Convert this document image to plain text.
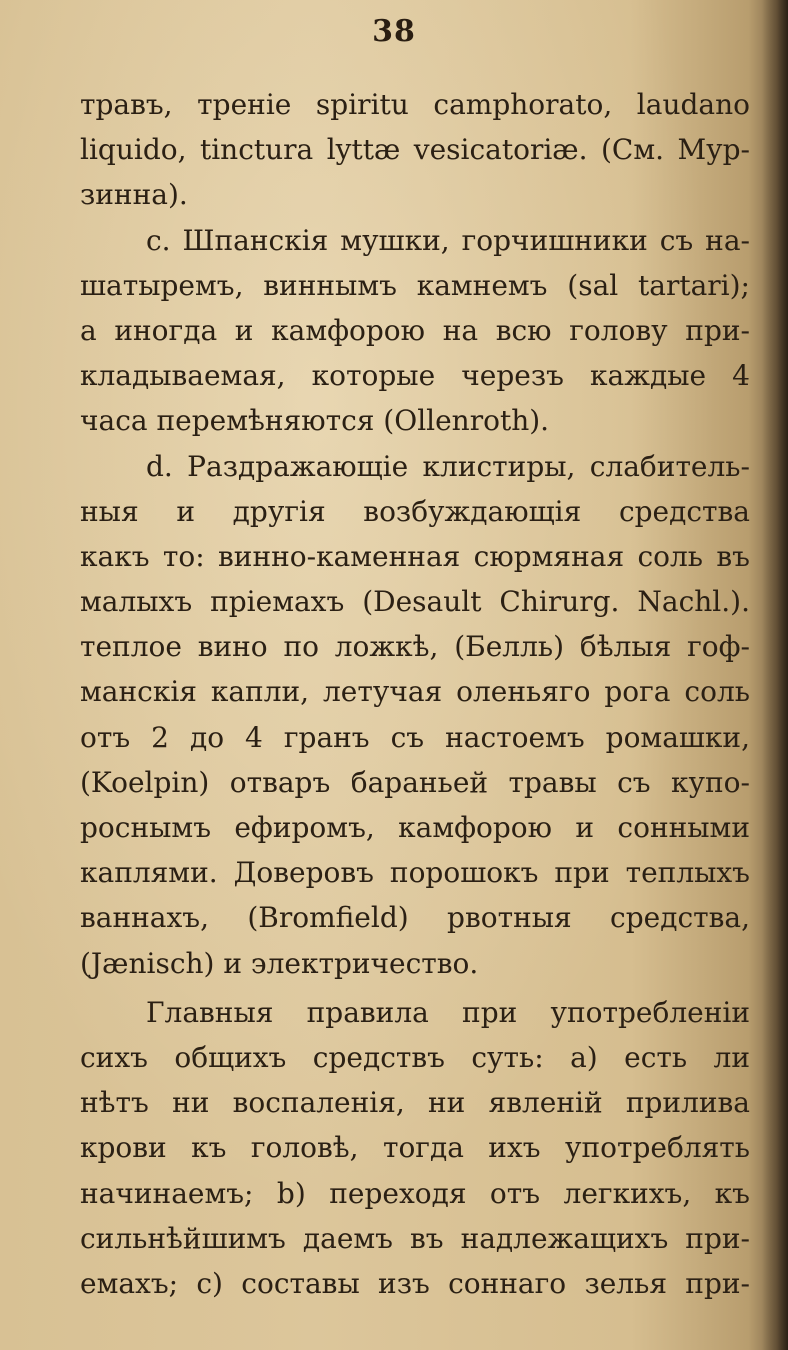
38
травъ, треніе spiritu camphorato, laudano
liquido, tinctura lyttæ vesicatoriæ. (См. Мур-
зинна).
c. Шпанскія мушки, горчишники съ на-
шатыремъ, виннымъ камнемъ (sal tartari);
а иногда и камфорою на всю голову при-
кладываемая, которые черезъ каждые 4
часа перемѣняются (Ollenroth).
d. Раздражающіе клистиры, слабитель-
ныя и другія возбуждающія средства
какъ то: винно-каменная сюрмяная соль въ
малыхъ пріемахъ (Desault Chirurg. Nachl.).
теплое вино по ложкѣ, (Белль) бѣлыя гоф-
манскія капли, летучая оленьяго рога соль
отъ 2 до 4 гранъ съ настоемъ ромашки,
(Koelpin) отваръ бараньей травы съ купо-
роснымъ ефиромъ, камфорою и сонными
каплями. Доверовъ порошокъ при теплыхъ
ваннахъ, (Bromfield) рвотныя средства,
(Jænisch) и электричество.
Главныя правила при употребленіи
сихъ общихъ средствъ суть: a) есть ли
нѣтъ ни воспаленія, ни явленій прилива
крови къ головѣ, тогда ихъ употреблять
начинаемъ; b) переходя отъ легкихъ, къ
сильнѣйшимъ даемъ въ надлежащихъ при-
емахъ; c) составы изъ соннаго зелья при-
